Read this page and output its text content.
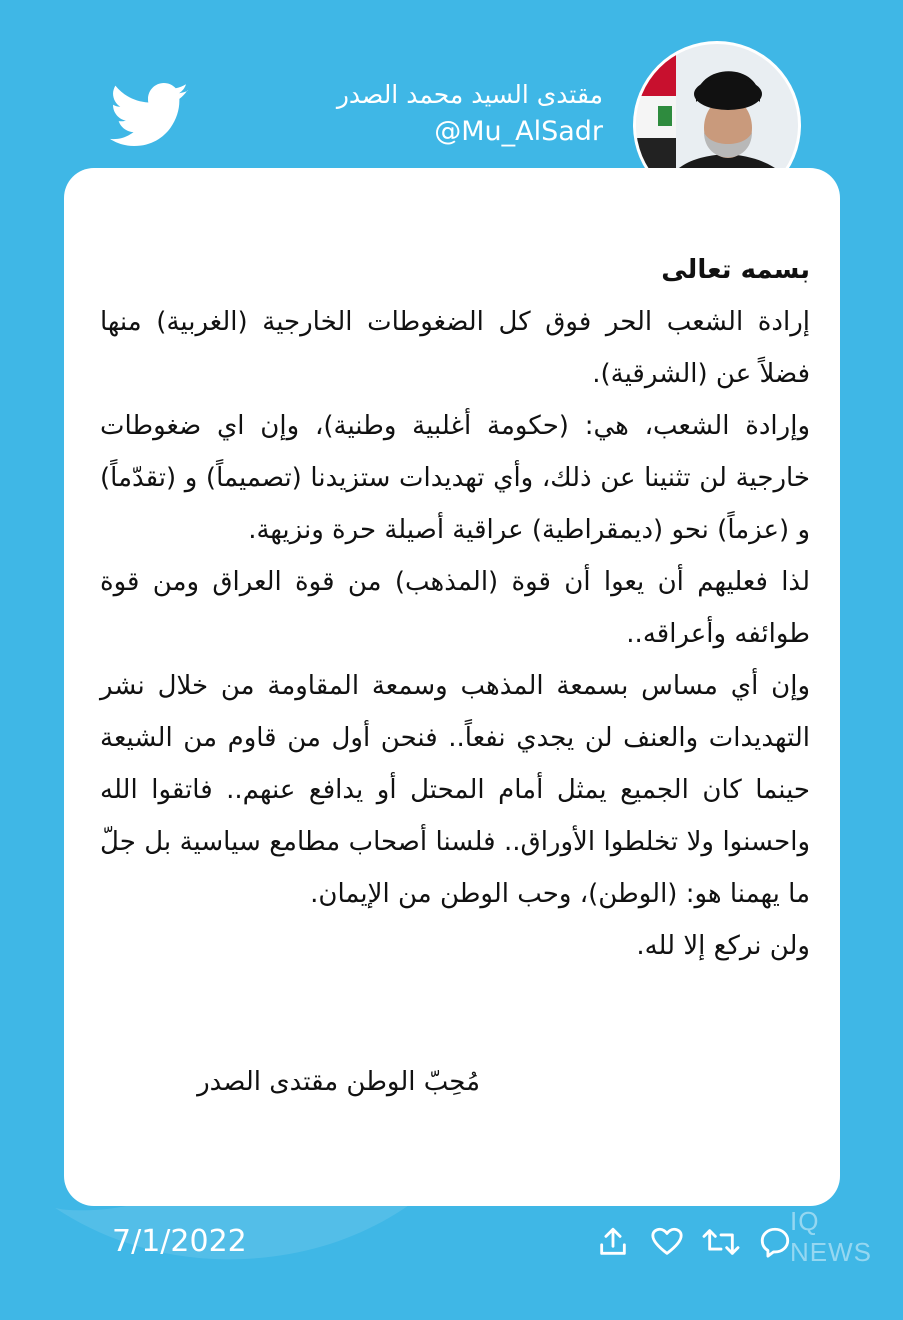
مقتدى السيد محمد الصدر
@Mu_AlSadr

بسمه تعالى

إرادة الشعب الحر فوق كل الضغوطات الخارجية (الغربية) منها فضلاً عن (الشرقية).

وإرادة الشعب، هي: (حكومة أغلبية وطنية)، وإن اي ضغوطات خارجية لن تثنينا عن ذلك، وأي تهديدات ستزيدنا (تصميماً) و (تقدّماً) و (عزماً) نحو (ديمقراطية) عراقية أصيلة حرة ونزيهة.

لذا فعليهم أن يعوا أن قوة (المذهب) من قوة العراق ومن قوة طوائفه وأعراقه..

وإن أي مساس بسمعة المذهب وسمعة المقاومة من خلال نشر التهديدات والعنف لن يجدي نفعاً.. فنحن أول من قاوم من الشيعة حينما كان الجميع يمثل أمام المحتل أو يدافع عنهم.. فاتقوا الله واحسنوا ولا تخلطوا الأوراق.. فلسنا أصحاب مطامع سياسية بل جلّ ما يهمنا هو: (الوطن)، وحب الوطن من الإيمان.

ولن نركع إلا لله.

مُحِبّ الوطن مقتدى الصدر
7/1/2022
IQ NEWS
